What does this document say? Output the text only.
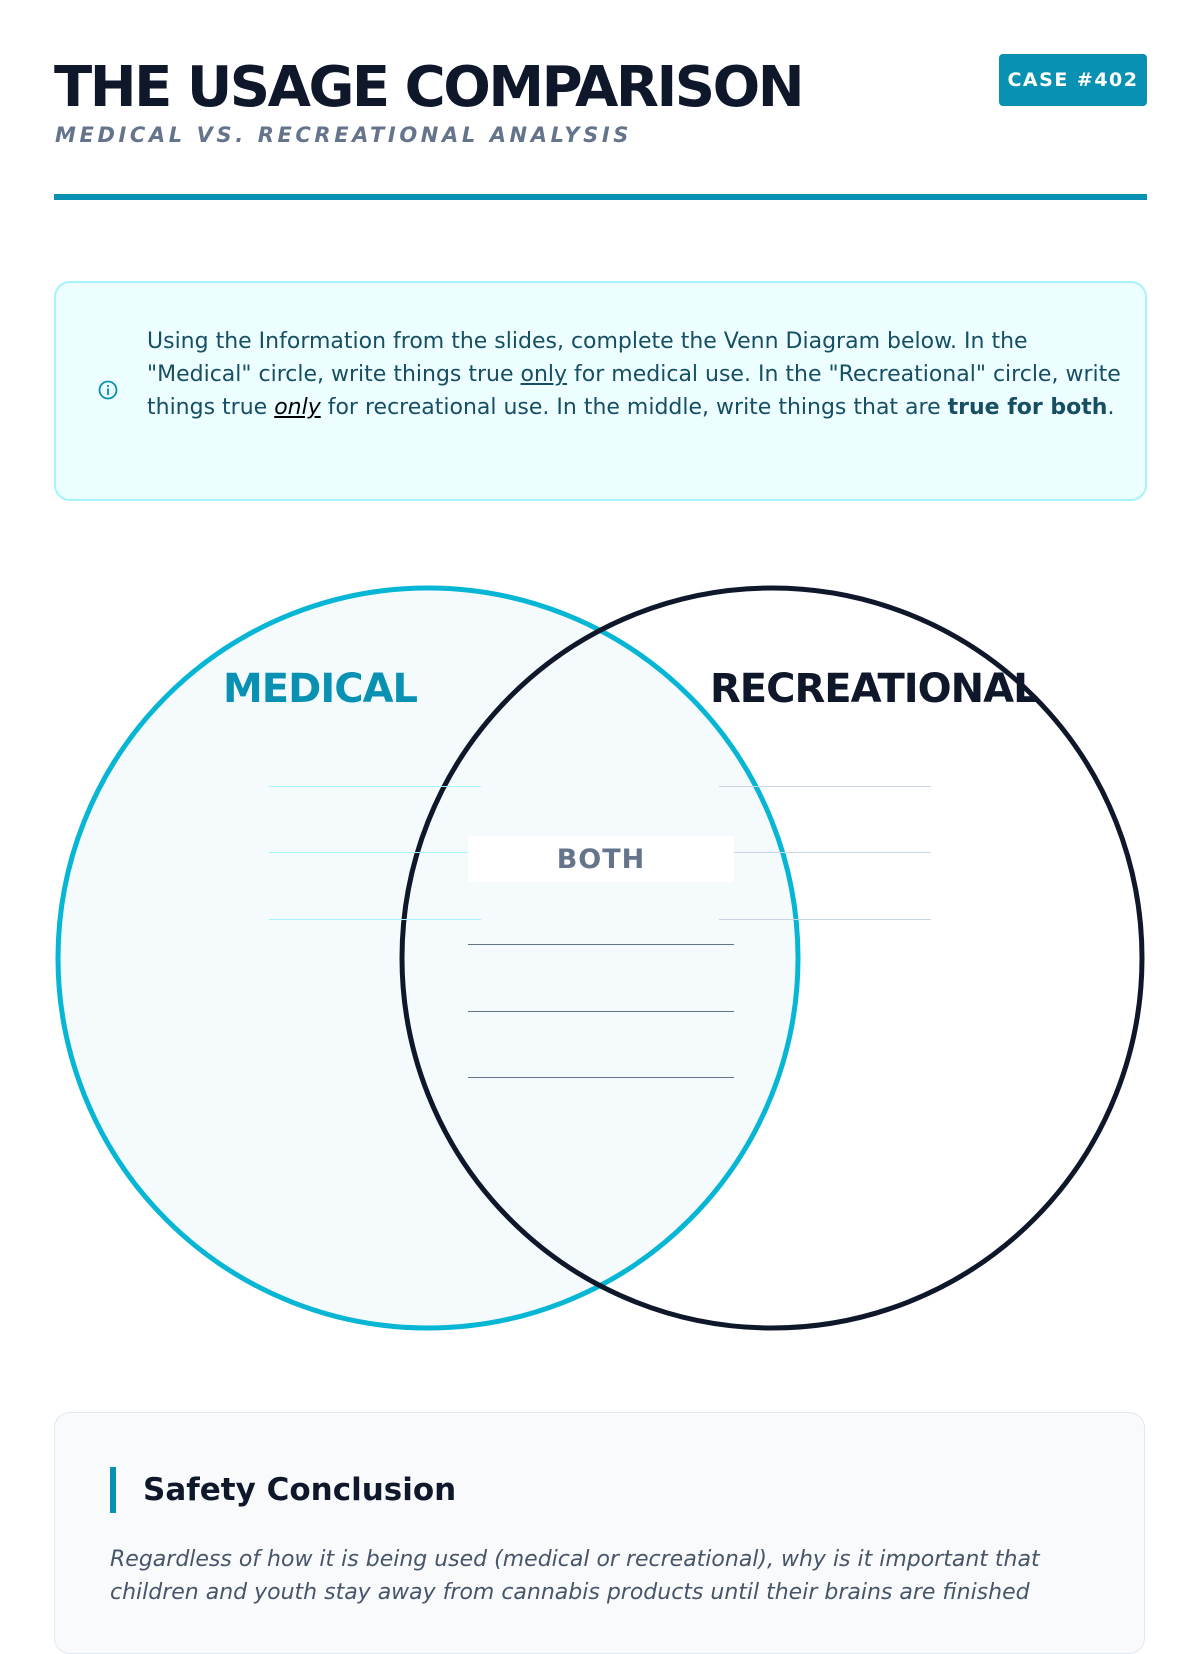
THE USAGE COMPARISON
MEDICAL VS. RECREATIONAL ANALYSIS
CASE #402
Using the Information from the slides, complete the Venn Diagram below. In the "Medical" circle, write things true only for medical use. In the "Recreational" circle, write things true only for recreational use. In the middle, write things that are true for both.
MEDICAL	RECREATIONAL
BOTH
Safety Conclusion
Regardless of how it is being used (medical or recreational), why is it important that children and youth stay away from cannabis products until their brains are finished
